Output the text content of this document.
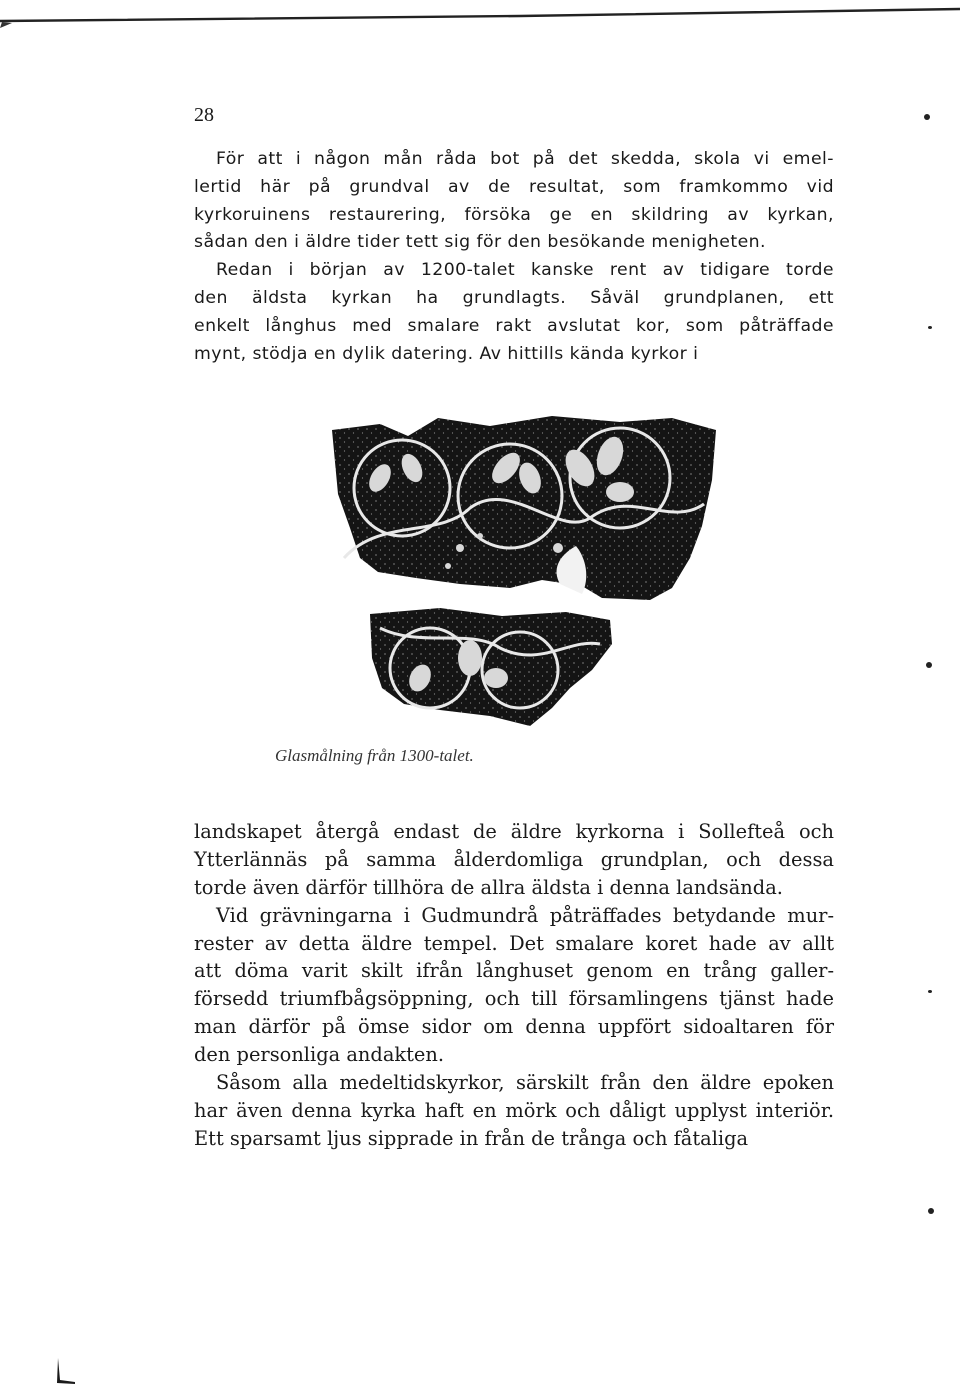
28
För att i någon mån råda bot på det skedda, skola vi emel-
lertid här på grundval av de resultat, som framkommo vid
kyrkoruinens restaurering, försöka ge en skildring av kyrkan,
sådan den i äldre tider tett sig för den besökande menigheten.
Redan i början av 1200-talet kanske rent av tidigare torde
den äldsta kyrkan ha grundlagts. Såväl grundplanen, ett
enkelt långhus med smalare rakt avslutat kor, som påträffade
mynt, stödja en dylik datering. Av hittills kända kyrkor i
Glasmålning från 1300-talet.
landskapet återgå endast de äldre kyrkorna i Sollefteå och
Ytterlännäs på samma ålderdomliga grundplan, och dessa
torde även därför tillhöra de allra äldsta i denna landsända.
Vid grävningarna i Gudmundrå påträffades betydande mur-
rester av detta äldre tempel. Det smalare koret hade av allt
att döma varit skilt ifrån långhuset genom en trång galler-
försedd triumfbågsöppning, och till församlingens tjänst hade
man därför på ömse sidor om denna uppfört sidoaltaren för
den personliga andakten.
Såsom alla medeltidskyrkor, särskilt från den äldre epoken
har även denna kyrka haft en mörk och dåligt upplyst interiör.
Ett sparsamt ljus sipprade in från de trånga och fåtaliga
